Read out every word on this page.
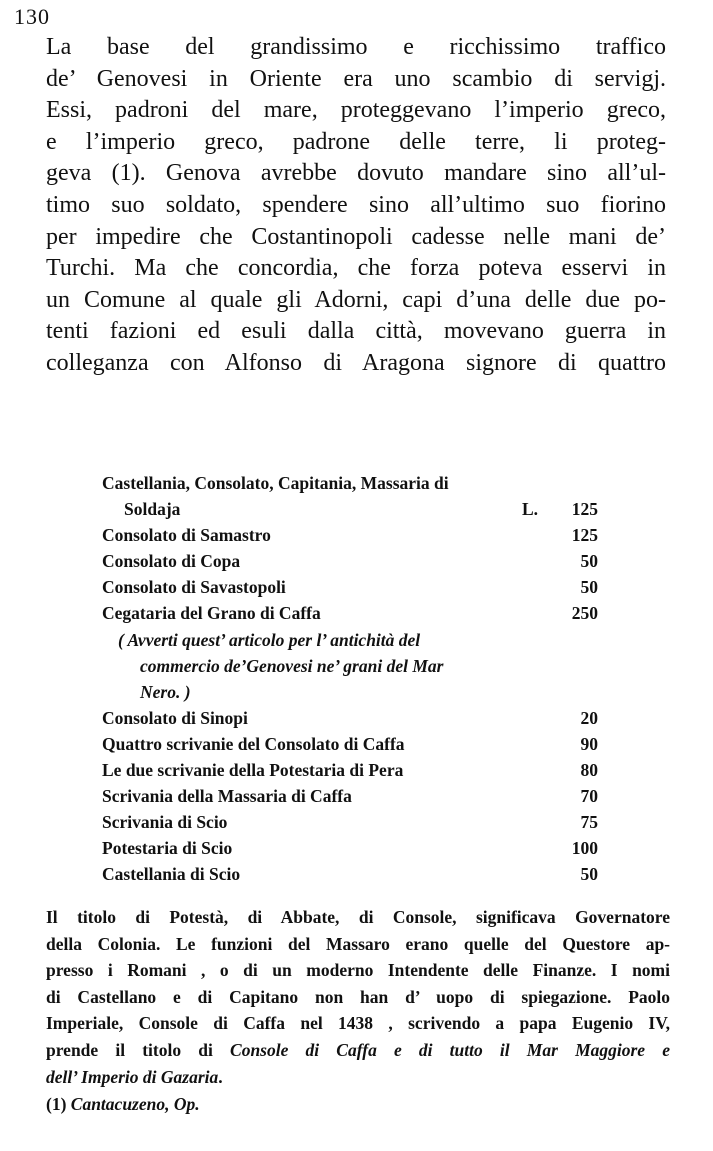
130
La base del grandissimo e ricchissimo traffico
de’ Genovesi in Oriente era uno scambio di servigj.
Essi, padroni del mare, proteggevano l’imperio greco,
e l’imperio greco, padrone delle terre, li proteg-
geva (1). Genova avrebbe dovuto mandare sino all’ul-
timo suo soldato, spendere sino all’ultimo suo fiorino
per impedire che Costantinopoli cadesse nelle mani de’
Turchi. Ma che concordia, che forza poteva esservi in
un Comune al quale gli Adorni, capi d’una delle due po-
tenti fazioni ed esuli dalla città, movevano guerra in
colleganza con Alfonso di Aragona signore di quattro
Castellania, Consolato, Capitania, Massaria di
Soldaja	L.	125
Consolato di Samastro	125
Consolato di Copa	50
Consolato di Savastopoli	50
Cegataria del Grano di Caffa	250
( Avverti quest’ articolo per l’ antichità del
commercio de’Genovesi ne’ grani del Mar
Nero. )
Consolato di Sinopi	20
Quattro scrivanie del Consolato di Caffa	90
Le due scrivanie della Potestaria di Pera	80
Scrivania della Massaria di Caffa	70
Scrivania di Scio	75
Potestaria di Scio	100
Castellania di Scio	50
Il titolo di Potestà, di Abbate, di Console, significava Governatore
della Colonia. Le funzioni del Massaro erano quelle del Questore ap-
presso i Romani , o di un moderno Intendente delle Finanze. I nomi
di Castellano e di Capitano non han d’ uopo di spiegazione. Paolo
Imperiale, Console di Caffa nel 1438 , scrivendo a papa Eugenio IV,
prende il titolo di Console di Caffa e di tutto il Mar Maggiore e
dell’ Imperio di Gazaria.
(1) Cantacuzeno, Op.
